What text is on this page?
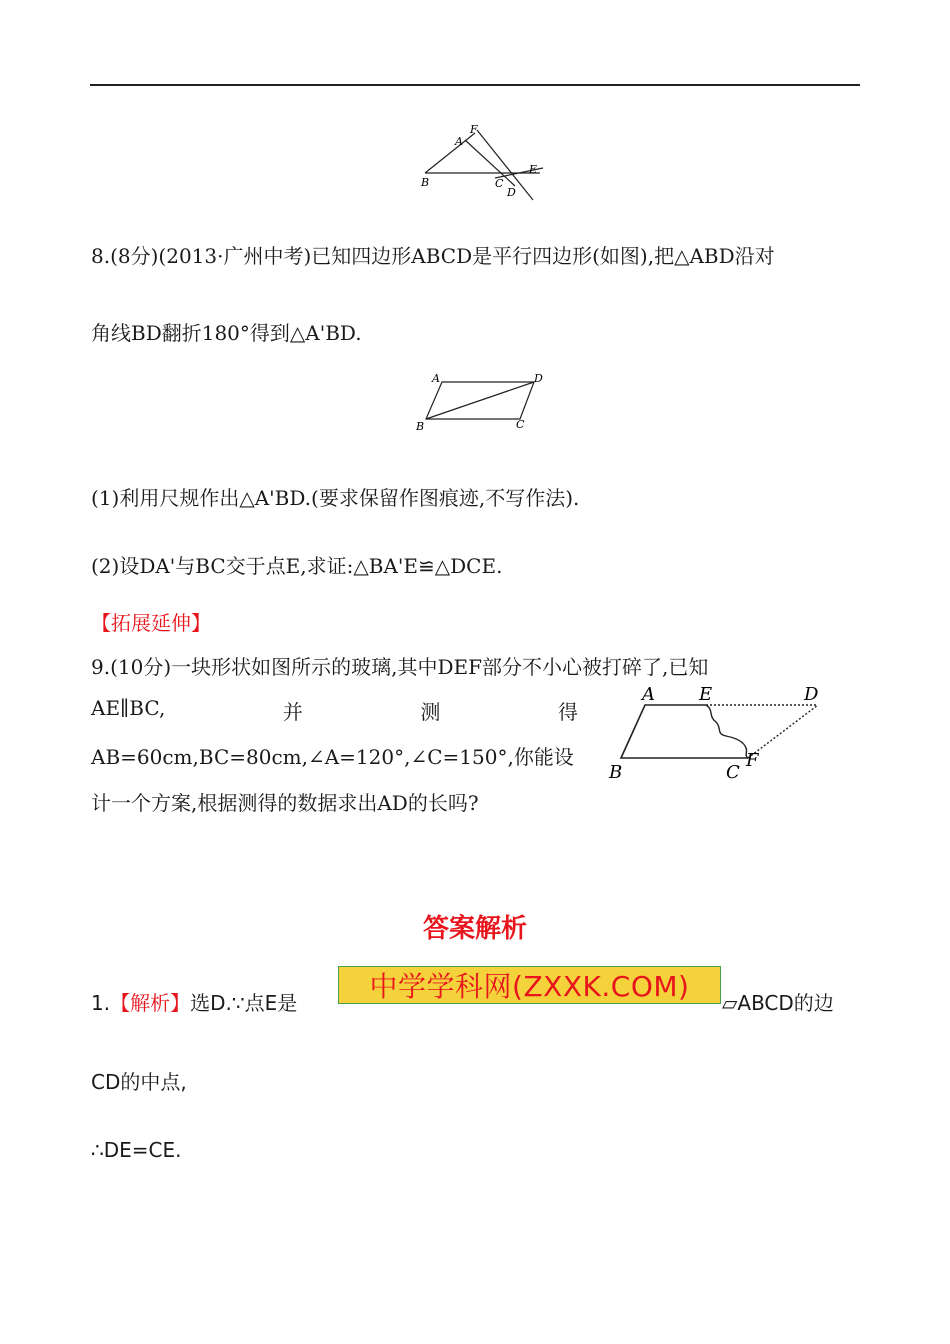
A
F
B	C
D
E
8.(8分)(2013·广州中考)已知四边形ABCD是平行四边形(如图),把△ABD沿对
角线BD翻折180°得到△A'BD.
A	D
B	C
(1)利用尺规作出△A'BD.(要求保留作图痕迹,不写作法).
(2)设DA'与BC交于点E,求证:△BA'E≌△DCE.
【拓展延伸】
9.(10分)一块形状如图所示的玻璃,其中DEF部分不小心被打碎了,已知
AE∥BC,	并	测	得
AB=60cm,BC=80cm,∠A=120°,∠C=150°,你能设
计一个方案,根据测得的数据求出AD的长吗?
A E	D
B	C
F
答案解析
1.【解析】选D.∵点E是	▱ABCD的边
中学学科网(ZXXK.COM)
CD的中点,
∴DE=CE.
